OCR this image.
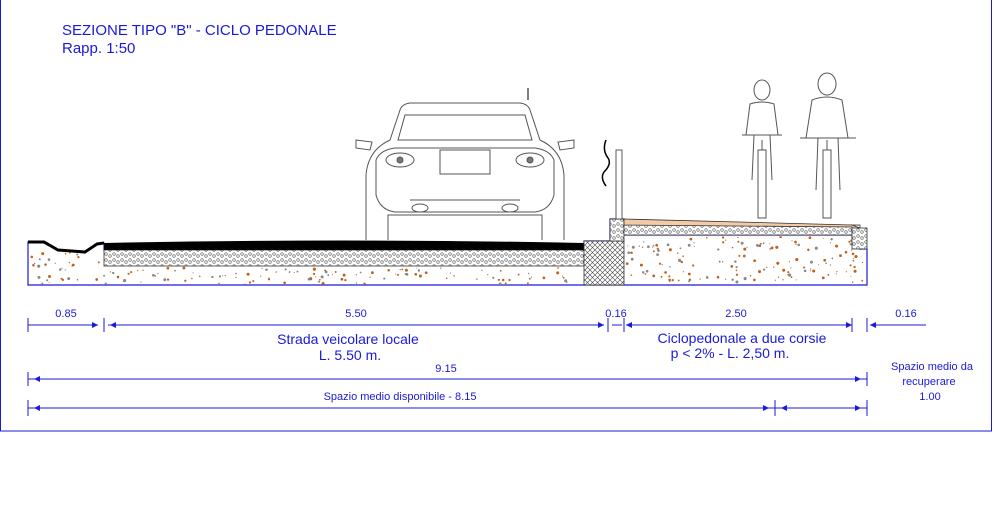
SEZIONE TIPO "B" - CICLO PEDONALE
Rapp. 1:50
0.85	5.50	0.16	2.50	0.16
9.15
Spazio medio disponibile - 8.15
Strada veicolare locale
L. 5.50 m.
Ciclopedonale a due corsie
p < 2% - L. 2,50 m.
Spazio medio da
recuperare
1.00
